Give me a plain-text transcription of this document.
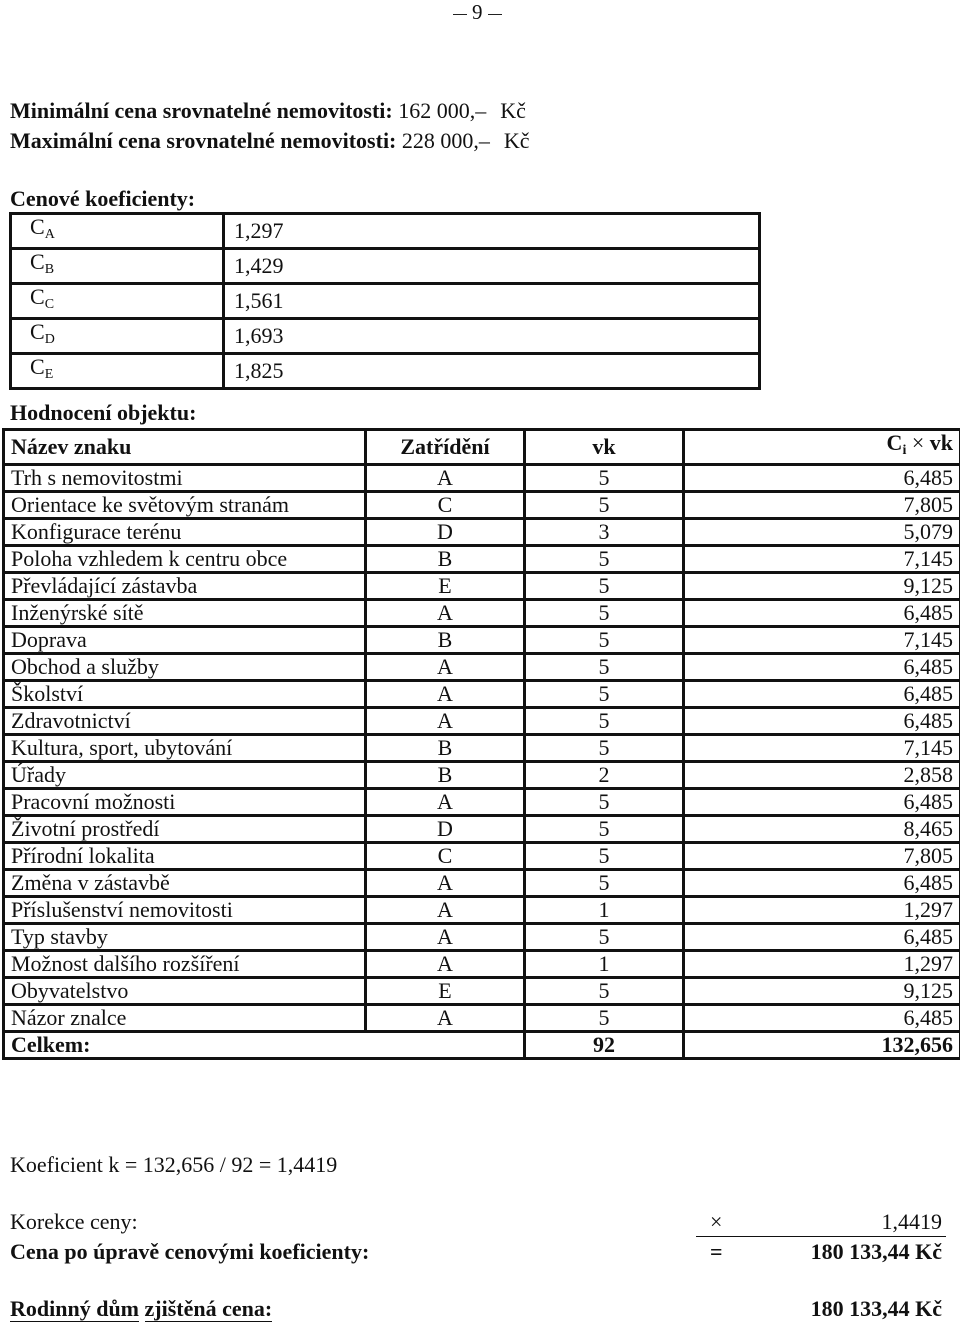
9
Minimální cena srovnatelné nemovitosti: 162 000,– Kč
Maximální cena srovnatelné nemovitosti: 228 000,– Kč
Cenové koeficienty:
$C_A$	1,297
$C_B$	1,429
$C_C$	1,561
$C_D$	1,693
$C_E$	1,825
Hodnocení objektu:
Název znaku	Zatřídění	vk	$C_i$ × vk
Trh s nemovitostmi	A	5	6,485
Orientace ke světovým stranám	C	5	7,805
Konfigurace terénu	D	3	5,079
Poloha vzhledem k centru obce	B	5	7,145
Převládající zástavba	E	5	9,125
Inženýrské sítě	A	5	6,485
Doprava	B	5	7,145
Obchod a služby	A	5	6,485
Školství	A	5	6,485
Zdravotnictví	A	5	6,485
Kultura, sport, ubytování	B	5	7,145
Úřady	B	2	2,858
Pracovní možnosti	A	5	6,485
Životní prostředí	D	5	8,465
Přírodní lokalita	C	5	7,805
Změna v zástavbě	A	5	6,485
Příslušenství nemovitosti	A	1	1,297
Typ stavby	A	5	6,485
Možnost dalšího rozšíření	A	1	1,297
Obyvatelstvo	E	5	9,125
Názor znalce	A	5	6,485
Celkem:		92	132,656
Koeficient k = 132,656 / 92 = 1,4419
Korekce ceny:	×	1,4419
Cena po úpravě cenovými koeficienty:	=	180 133,44 Kč
Rodinný dům zjištěná cena:	180 133,44 Kč
